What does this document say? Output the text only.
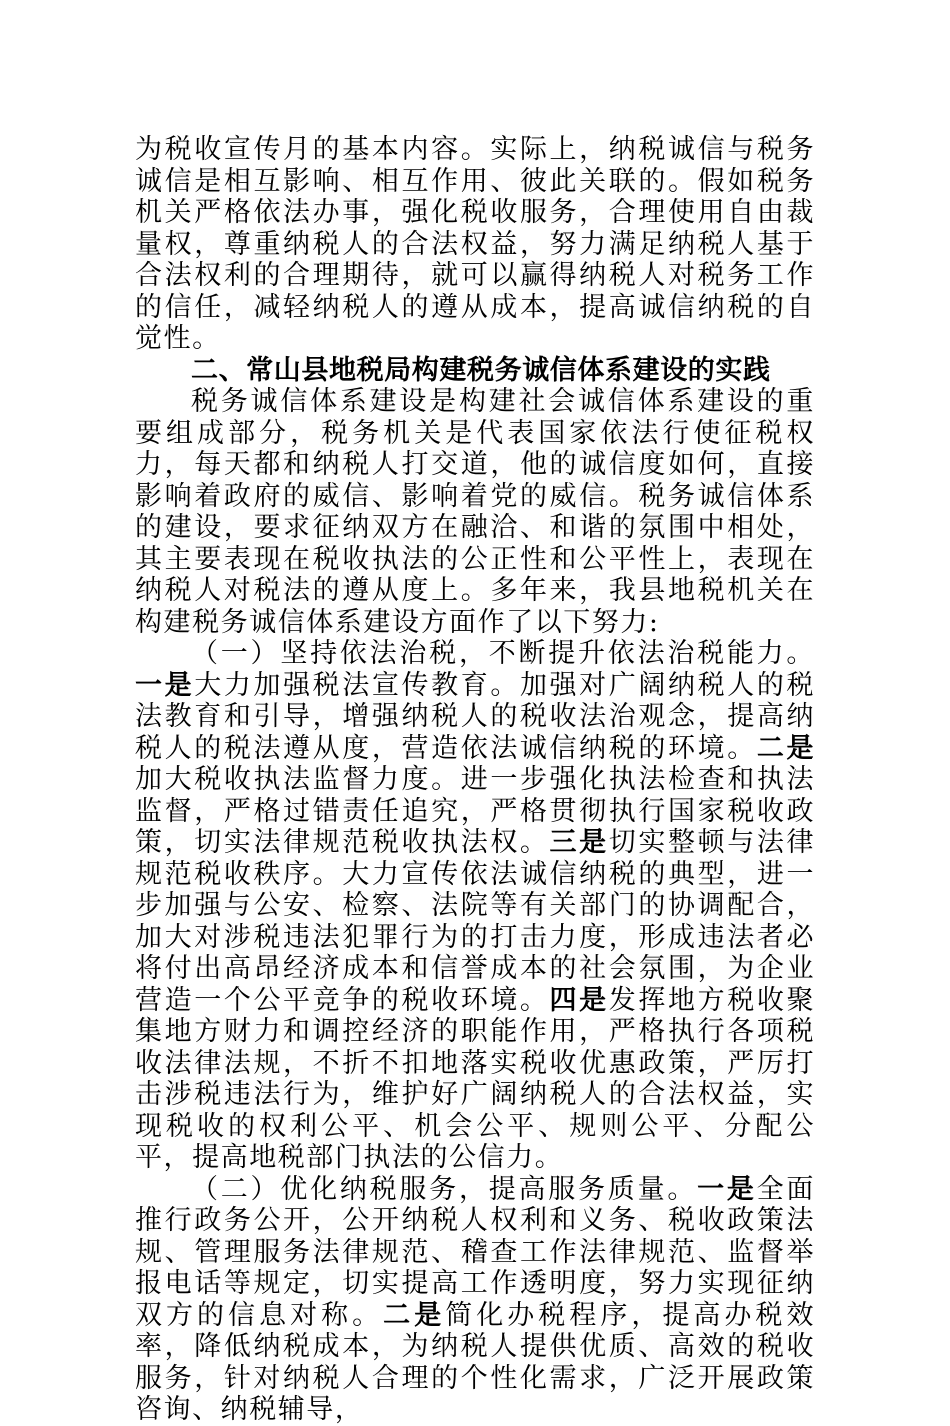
为税收宣传月的基本内容。实际上，纳税诚信与税务诚信是相互影响、相互作用、彼此关联的。假如税务机关严格依法办事，强化税收服务，合理使用自由裁量权，尊重纳税人的合法权益，努力满足纳税人基于合法权利的合理期待，就可以赢得纳税人对税务工作的信任，减轻纳税人的遵从成本，提高诚信纳税的自觉性。

二、常山县地税局构建税务诚信体系建设的实践

税务诚信体系建设是构建社会诚信体系建设的重要组成部分，税务机关是代表国家依法行使征税权力，每天都和纳税人打交道，他的诚信度如何，直接影响着政府的威信、影响着党的威信。税务诚信体系的建设，要求征纳双方在融洽、和谐的氛围中相处，其主要表现在税收执法的公正性和公平性上，表现在纳税人对税法的遵从度上。多年来，我县地税机关在构建税务诚信体系建设方面作了以下努力:

（一）坚持依法治税，不断提升依法治税能力。一是大力加强税法宣传教育。加强对广阔纳税人的税法教育和引导，增强纳税人的税收法治观念，提高纳税人的税法遵从度，营造依法诚信纳税的环境。二是加大税收执法监督力度。进一步强化执法检查和执法监督，严格过错责任追究，严格贯彻执行国家税收政策，切实法律规范税收执法权。三是切实整顿与法律规范税收秩序。大力宣传依法诚信纳税的典型，进一步加强与公安、检察、法院等有关部门的协调配合，加大对涉税违法犯罪行为的打击力度，形成违法者必将付出高昂经济成本和信誉成本的社会氛围，为企业营造一个公平竞争的税收环境。四是发挥地方税收聚集地方财力和调控经济的职能作用，严格执行各项税收法律法规，不折不扣地落实税收优惠政策，严厉打击涉税违法行为，维护好广阔纳税人的合法权益，实现税收的权利公平、机会公平、规则公平、分配公平，提高地税部门执法的公信力。

（二）优化纳税服务，提高服务质量。一是全面推行政务公开，公开纳税人权利和义务、税收政策法规、管理服务法律规范、稽查工作法律规范、监督举报电话等规定，切实提高工作透明度，努力实现征纳双方的信息对称。二是简化办税程序，提高办税效率，降低纳税成本，为纳税人提供优质、高效的税收服务，针对纳税人合理的个性化需求，广泛开展政策咨询、纳税辅导，
